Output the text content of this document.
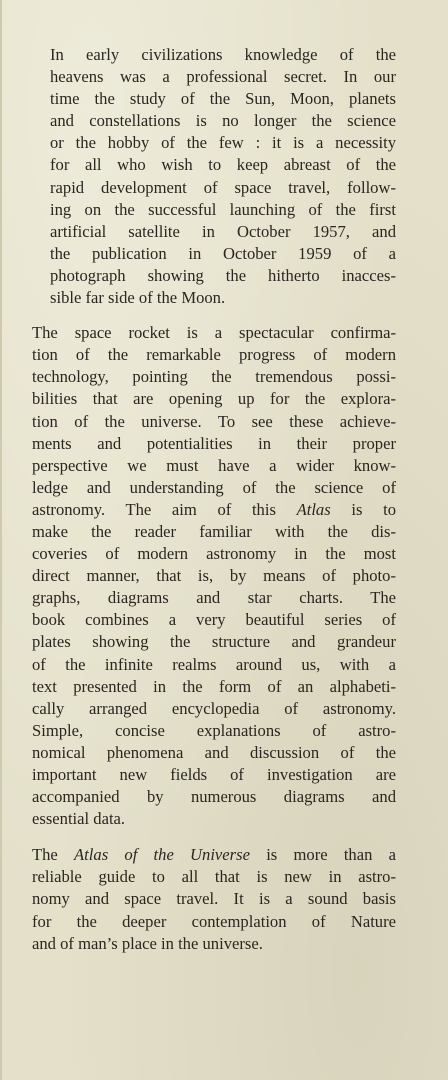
In early civilizations knowledge of the
heavens was a professional secret. In our
time the study of the Sun, Moon, planets
and constellations is no longer the science
or the hobby of the few : it is a necessity
for all who wish to keep abreast of the
rapid development of space travel, follow-
ing on the successful launching of the first
artificial satellite in October 1957, and
the publication in October 1959 of a
photograph showing the hitherto inacces-
sible far side of the Moon.

The space rocket is a spectacular confirma-
tion of the remarkable progress of modern
technology, pointing the tremendous possi-
bilities that are opening up for the explora-
tion of the universe. To see these achieve-
ments and potentialities in their proper
perspective we must have a wider know-
ledge and understanding of the science of
astronomy. The aim of this Atlas is to
make the reader familiar with the dis-
coveries of modern astronomy in the most
direct manner, that is, by means of photo-
graphs, diagrams and star charts. The
book combines a very beautiful series of
plates showing the structure and grandeur
of the infinite realms around us, with a
text presented in the form of an alphabeti-
cally arranged encyclopedia of astronomy.
Simple, concise explanations of astro-
nomical phenomena and discussion of the
important new fields of investigation are
accompanied by numerous diagrams and
essential data.

The Atlas of the Universe is more than a
reliable guide to all that is new in astro-
nomy and space travel. It is a sound basis
for the deeper contemplation of Nature
and of man’s place in the universe.
